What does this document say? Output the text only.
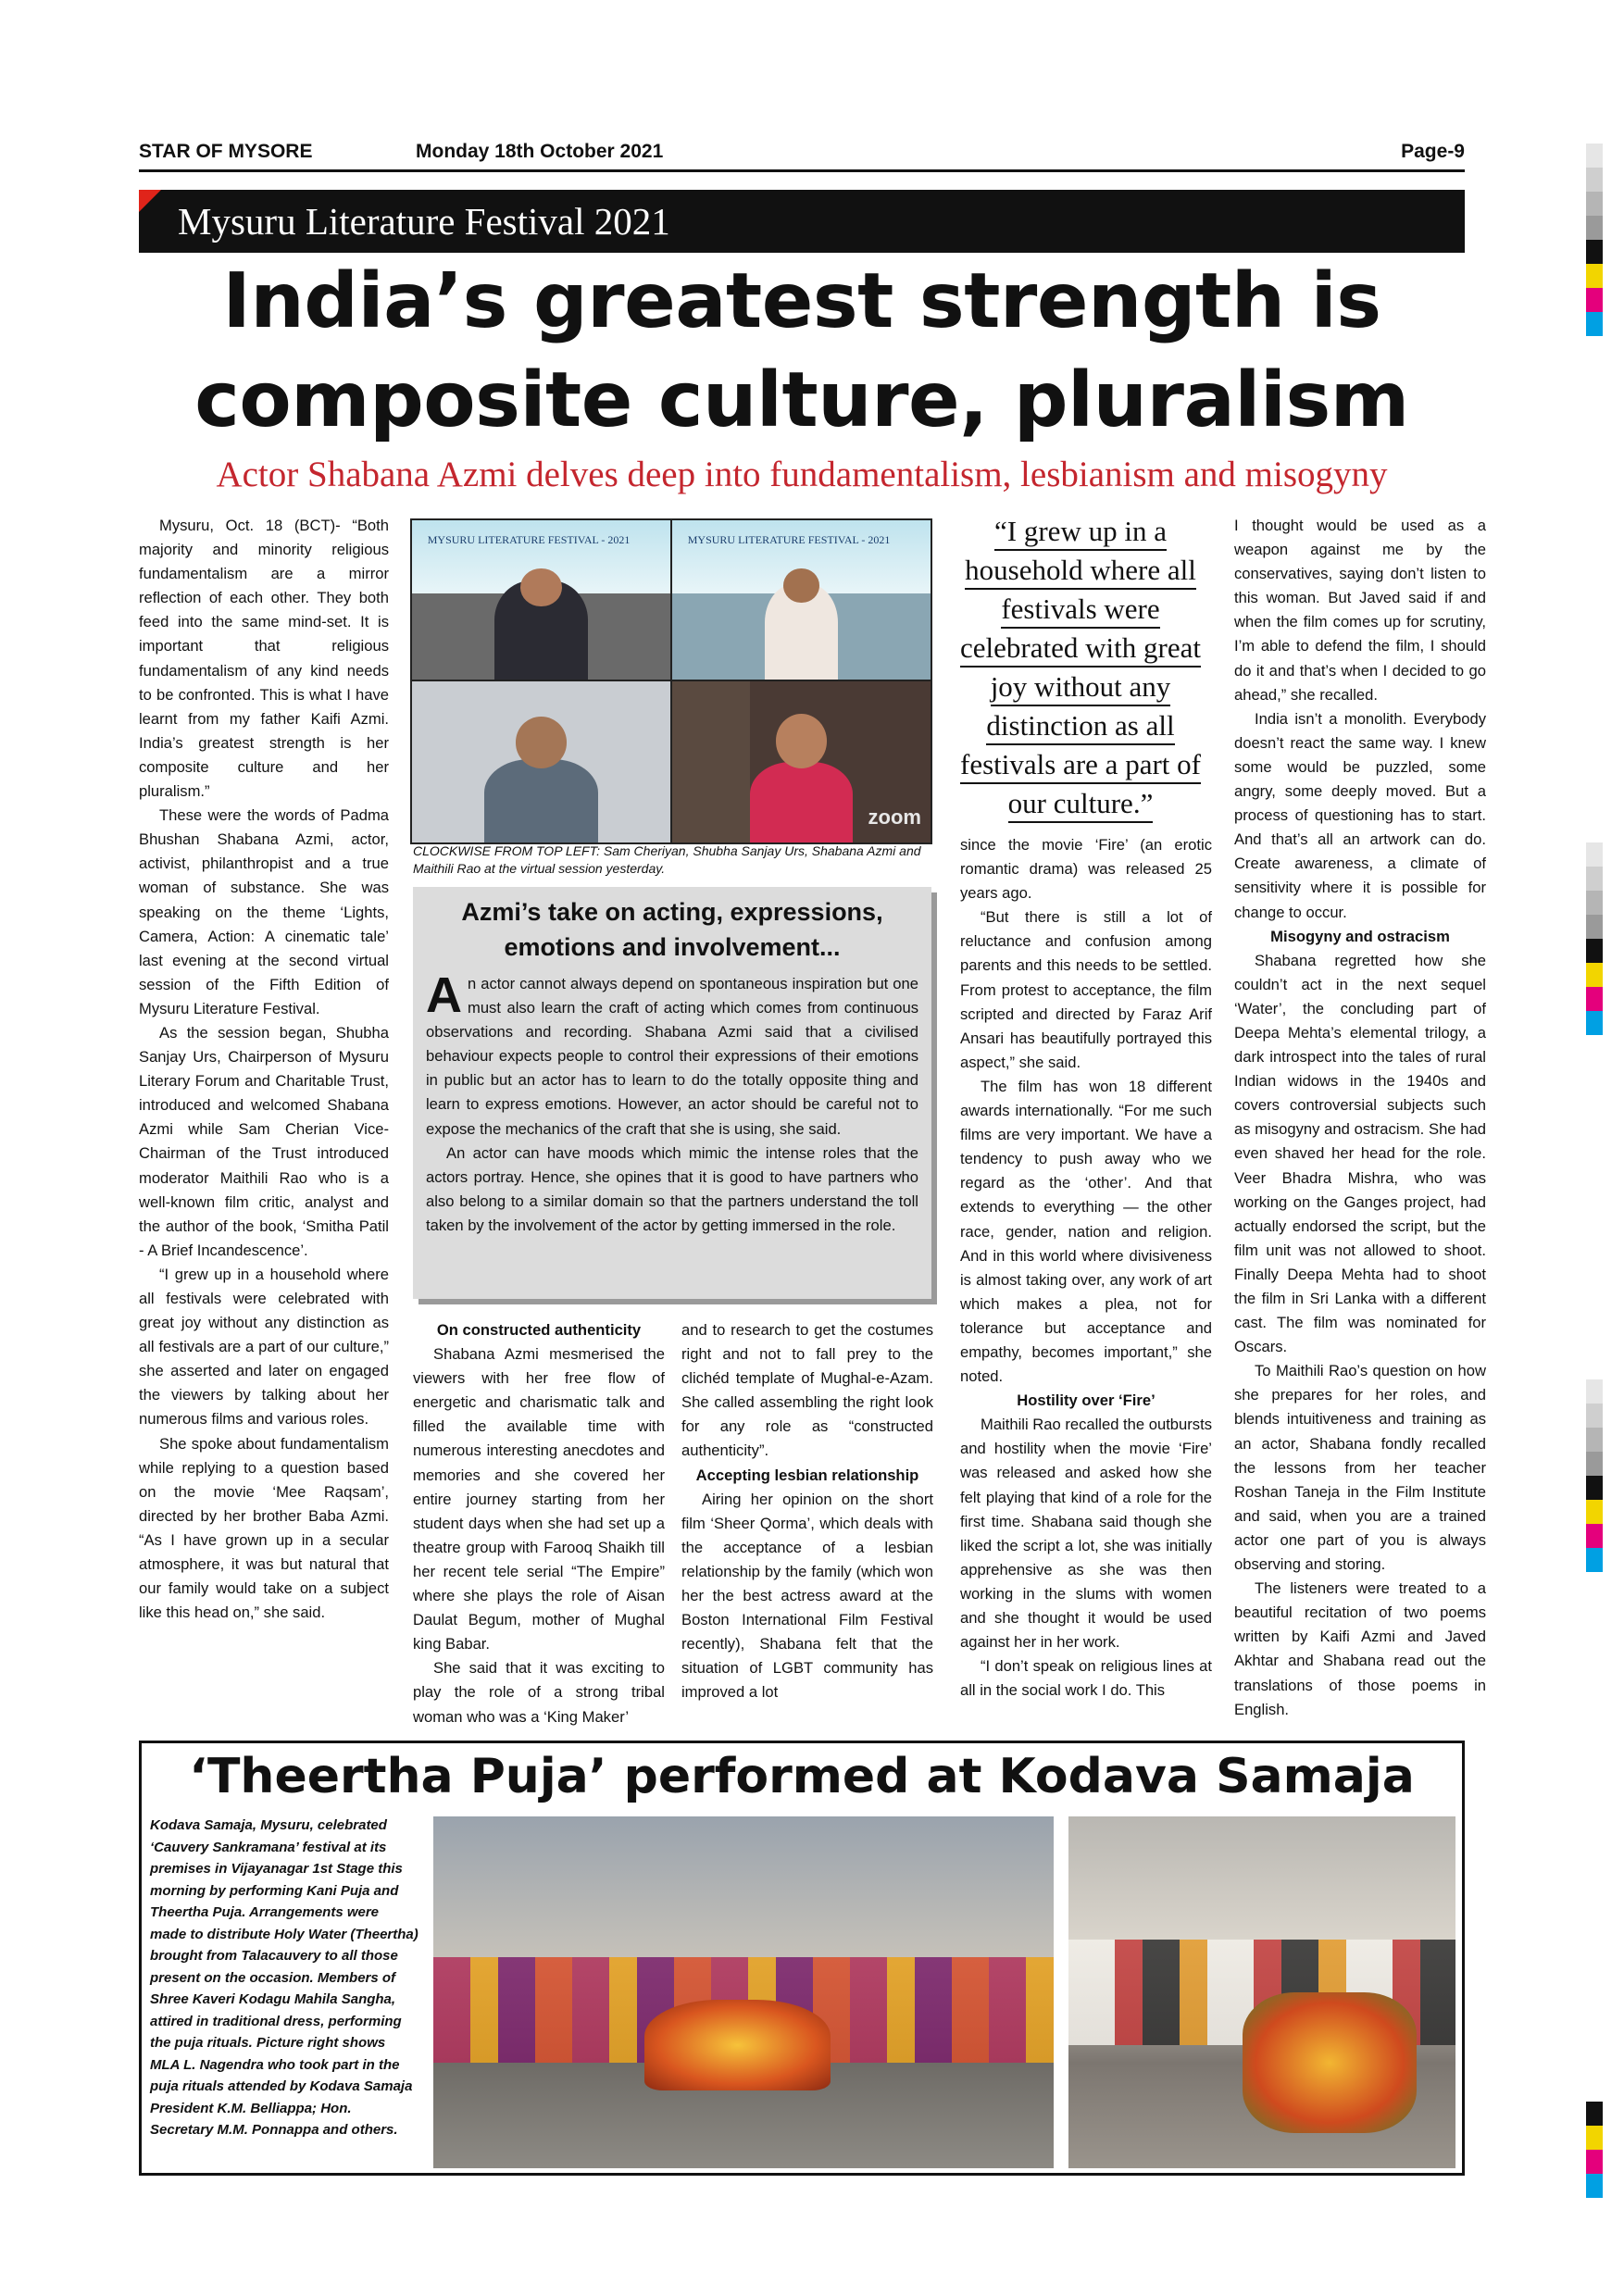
STAR OF MYSORE	Monday 18th October 2021	Page-9
Mysuru Literature Festival 2021
India’s greatest strength is
composite culture, pluralism
Actor Shabana Azmi delves deep into fundamentalism, lesbianism and misogyny

Mysuru, Oct. 18 (BCT)- “Both majority and minority religious fundamentalism are a mirror reflection of each other. They both feed into the same mind-set. It is important that religious fundamentalism of any kind needs to be confronted. This is what I have learnt from my father Kaifi Azmi. India’s greatest strength is her composite culture and her pluralism.”

These were the words of Padma Bhushan Shabana Azmi, actor, activist, philanthropist and a true woman of substance. She was speaking on the theme ‘Lights, Camera, Action: A cinematic tale’ last evening at the second virtual session of the Fifth Edition of Mysuru Literature Festival.

As the session began, Shubha Sanjay Urs, Chairperson of Mysuru Literary Forum and Charitable Trust, introduced and welcomed Shabana Azmi while Sam Cherian Vice-Chairman of the Trust introduced moderator Maithili Rao who is a well-known film critic, analyst and the author of the book, ‘Smitha Patil - A Brief Incandescence’.

“I grew up in a household where all festivals were celebrated with great joy without any distinction as all festivals are a part of our culture,” she asserted and later on engaged the viewers by talking about her numerous films and various roles.

She spoke about fundamentalism while replying to a question based on the movie ‘Mee Raqsam’, directed by her brother Baba Azmi. “As I have grown up in a secular atmosphere, it was but natural that our family would take on a subject like this head on,” she said.

MYSURU LITERATURE FESTIVAL - 2021	MYSURU LITERATURE FESTIVAL - 2021
zoom
CLOCKWISE FROM TOP LEFT: Sam Cheriyan, Shubha Sanjay Urs, Shabana Azmi and Maithili Rao at the virtual session yesterday.
Azmi’s take on acting, expressions, emotions and involvement...

An actor cannot always depend on spontaneous inspiration but one must also learn the craft of acting which comes from continuous observations and recording. Shabana Azmi said that a civilised behaviour expects people to control their expressions of their emotions in public but an actor has to learn to do the totally opposite thing and learn to express emotions. However, an actor should be careful not to expose the mechanics of the craft that she is using, she said.

An actor can have moods which mimic the intense roles that the actors portray. Hence, she opines that it is good to have partners who also belong to a similar domain so that the partners understand the toll taken by the involvement of the actor by getting immersed in the role.

On constructed authenticity

Shabana Azmi mesmerised the viewers with her free flow of energetic and charismatic talk and filled the available time with numerous interesting anecdotes and memories and she covered her entire journey starting from her student days when she had set up a theatre group with Farooq Shaikh till her recent tele serial “The Empire” where she plays the role of Aisan Daulat Begum, mother of Mughal king Babar.

She said that it was exciting to play the role of a strong tribal woman who was a ‘King Maker’

and to research to get the costumes right and not to fall prey to the clichéd template of Mughal-e-Azam. She called assembling the right look for any role as “constructed authenticity”.

Accepting lesbian relationship

Airing her opinion on the short film ‘Sheer Qorma’, which deals with the acceptance of a lesbian relationship by the family (which won her the best actress award at the Boston International Film Festival recently), Shabana felt that the situation of LGBT community has improved a lot

“I grew up in a household where all festivals were celebrated with great joy without any distinction as all festivals are a part of our culture.”

since the movie ‘Fire’ (an erotic romantic drama) was released 25 years ago.

“But there is still a lot of reluctance and confusion among parents and this needs to be settled. From protest to acceptance, the film scripted and directed by Faraz Arif Ansari has beautifully portrayed this aspect,” she said.

The film has won 18 different awards internationally. “For me such films are very important. We have a tendency to push away who we regard as the ‘other’. And that extends to everything — the other race, gender, nation and religion. And in this world where divisiveness is almost taking over, any work of art which makes a plea, not for tolerance but acceptance and empathy, becomes important,” she noted.

Hostility over ‘Fire’

Maithili Rao recalled the outbursts and hostility when the movie ‘Fire’ was released and asked how she felt playing that kind of a role for the first time. Shabana said though she liked the script a lot, she was initially apprehensive as she was then working in the slums with women and she thought it would be used against her in her work.

“I don’t speak on religious lines at all in the social work I do. This

I thought would be used as a weapon against me by the conservatives, saying don’t listen to this woman. But Javed said if and when the film comes up for scrutiny, I’m able to defend the film, I should do it and that’s when I decided to go ahead,” she recalled.

India isn’t a monolith. Everybody doesn’t react the same way. I knew some would be puzzled, some angry, some deeply moved. But a process of questioning has to start. And that’s all an artwork can do. Create awareness, a climate of sensitivity where it is possible for change to occur.

Misogyny and ostracism

Shabana regretted how she couldn’t act in the next sequel ‘Water’, the concluding part of Deepa Mehta’s elemental trilogy, a dark introspect into the tales of rural Indian widows in the 1940s and covers controversial subjects such as misogyny and ostracism. She had even shaved her head for the role. Veer Bhadra Mishra, who was working on the Ganges project, had actually endorsed the script, but the film unit was not allowed to shoot. Finally Deepa Mehta had to shoot the film in Sri Lanka with a different cast. The film was nominated for Oscars.

To Maithili Rao’s question on how she prepares for her roles, and blends intuitiveness and training as an actor, Shabana fondly recalled the lessons from her teacher Roshan Taneja in the Film Institute and said, when you are a trained actor one part of you is always observing and storing.

The listeners were treated to a beautiful recitation of two poems written by Kaifi Azmi and Javed Akhtar and Shabana read out the translations of those poems in English.

‘Theertha Puja’ performed at Kodava Samaja
Kodava Samaja, Mysuru, celebrated ‘Cauvery Sankramana’ festival at its premises in Vijayanagar 1st Stage this morning by performing Kani Puja and Theertha Puja. Arrangements were made to distribute Holy Water (Theertha) brought from Talacauvery to all those present on the occasion. Members of Shree Kaveri Kodagu Mahila Sangha, attired in traditional dress, performing the puja rituals. Picture right shows MLA L. Nagendra who took part in the puja rituals attended by Kodava Samaja President K.M. Belliappa; Hon. Secretary M.M. Ponnappa and others.
